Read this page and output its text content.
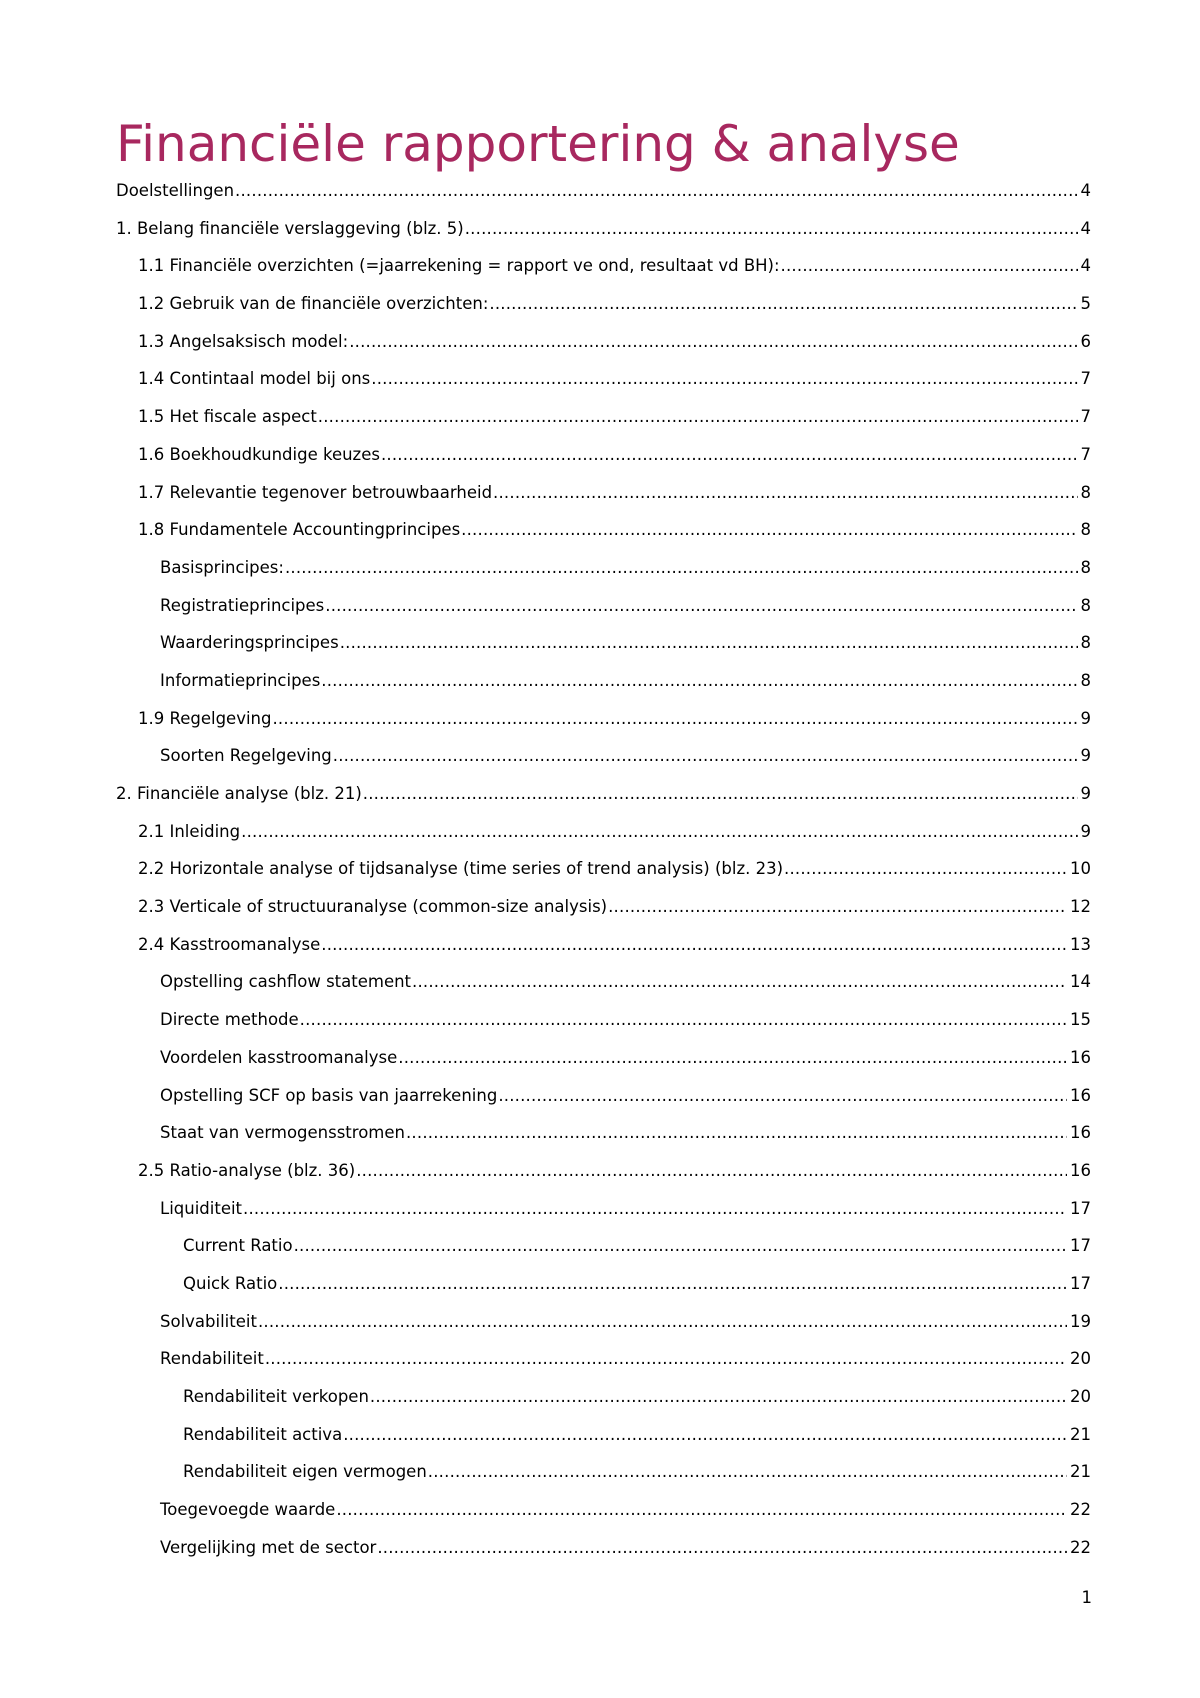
Financiële rapportering & analyse
Doelstellingen .....	4
1. Belang financiële verslaggeving (blz. 5) .....	4
1.1 Financiële overzichten (=jaarrekening = rapport ve ond, resultaat vd BH): .....	4
1.2 Gebruik van de financiële overzichten: .....	5
1.3 Angelsaksisch model: .....	6
1.4 Contintaal model bij ons .....	7
1.5 Het fiscale aspect .....	7
1.6 Boekhoudkundige keuzes .....	7
1.7 Relevantie tegenover betrouwbaarheid .....	8
1.8 Fundamentele Accountingprincipes .....	8
Basisprincipes: .....	8
Registratieprincipes .....	8
Waarderingsprincipes .....	8
Informatieprincipes .....	8
1.9 Regelgeving .....	9
Soorten Regelgeving .....	9
2. Financiële analyse (blz. 21) .....	9
2.1 Inleiding .....	9
2.2 Horizontale analyse of tijdsanalyse (time series of trend analysis) (blz. 23) .....	10
2.3 Verticale of structuuranalyse (common-size analysis) .....	12
2.4 Kasstroomanalyse .....	13
Opstelling cashflow statement .....	14
Directe methode .....	15
Voordelen kasstroomanalyse .....	16
Opstelling SCF op basis van jaarrekening .....	16
Staat van vermogensstromen .....	16
2.5 Ratio-analyse (blz. 36) .....	16
Liquiditeit .....	17
Current Ratio .....	17
Quick Ratio .....	17
Solvabiliteit .....	19
Rendabiliteit .....	20
Rendabiliteit verkopen .....	20
Rendabiliteit activa .....	21
Rendabiliteit eigen vermogen .....	21
Toegevoegde waarde .....	22
Vergelijking met de sector .....	22
1
